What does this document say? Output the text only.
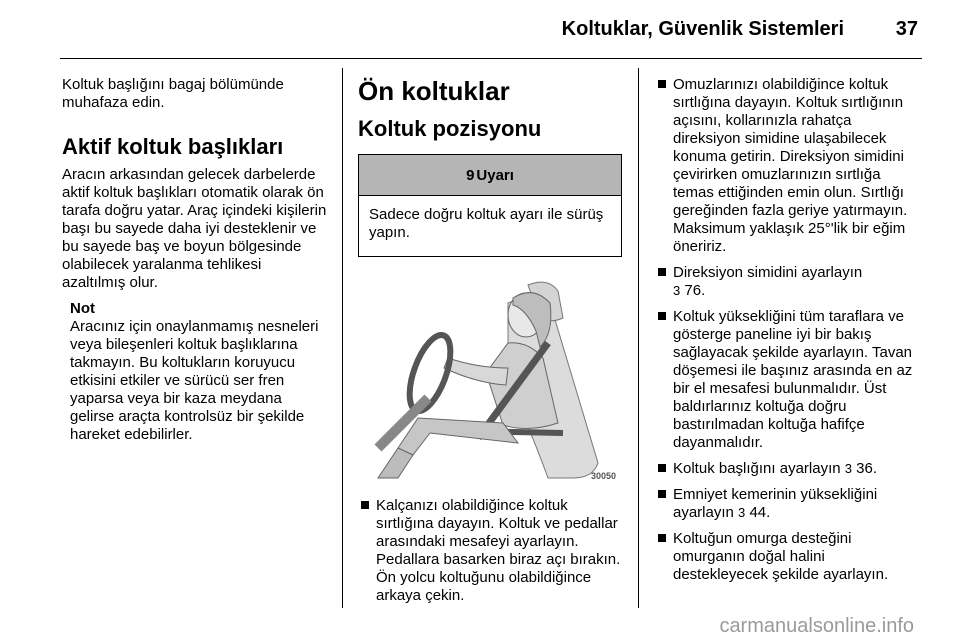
Koltuklar, Güvenlik Sistemleri	37

Koltuk başlığını bagaj bölümünde muhafaza edin.

Aktif koltuk başlıkları

Aracın arkasından gelecek darbelerde aktif koltuk başlıkları otomatik olarak ön tarafa doğru yatar. Araç içindeki kişilerin başı bu sayede daha iyi desteklenir ve bu sayede baş ve boyun bölgesinde olabilecek yaralanma tehlikesi azaltılmış olur.

Not

Aracınız için onaylanmamış nesneleri veya bileşenleri koltuk başlıklarına takmayın. Bu koltukların koruyucu etkisini etkiler ve sürücü ser fren yaparsa veya bir kaza meydana gelirse araçta kontrolsüz bir şekilde hareket edebilirler.

Ön koltuklar
Koltuk pozisyonu
9 Uyarı
Sadece doğru koltuk ayarı ile sürüş yapın.
30050
Kalçanızı olabildiğince koltuk sırtlığına dayayın. Koltuk ve pedallar arasındaki mesafeyi ayarlayın. Pedallara basarken biraz açı bırakın. Ön yolcu koltuğunu olabildiğince arkaya çekin.
Omuzlarınızı olabildiğince koltuk sırtlığına dayayın. Koltuk sırtlığının açısını, kollarınızla rahatça direksiyon simidine ulaşabilecek konuma getirin. Direksiyon simidini çevirirken omuzlarınızın sırtlığa temas ettiğinden emin olun. Sırtlığı gereğinden fazla geriye yatırmayın. Maksimum yaklaşık 25°'lik bir eğim öneririz.
Direksiyon simidini ayarlayın
3 76.
Koltuk yüksekliğini tüm taraflara ve gösterge paneline iyi bir bakış sağlayacak şekilde ayarlayın. Tavan döşemesi ile başınız arasında en az bir el mesafesi bulunmalıdır. Üst baldırlarınız koltuğa doğru bastırılmadan koltuğa hafifçe dayanmalıdır.
Koltuk başlığını ayarlayın 3 36.
Emniyet kemerinin yüksekliğini ayarlayın 3 44.
Koltuğun omurga desteğini omurganın doğal halini destekleyecek şekilde ayarlayın.
carmanualsonline.info
